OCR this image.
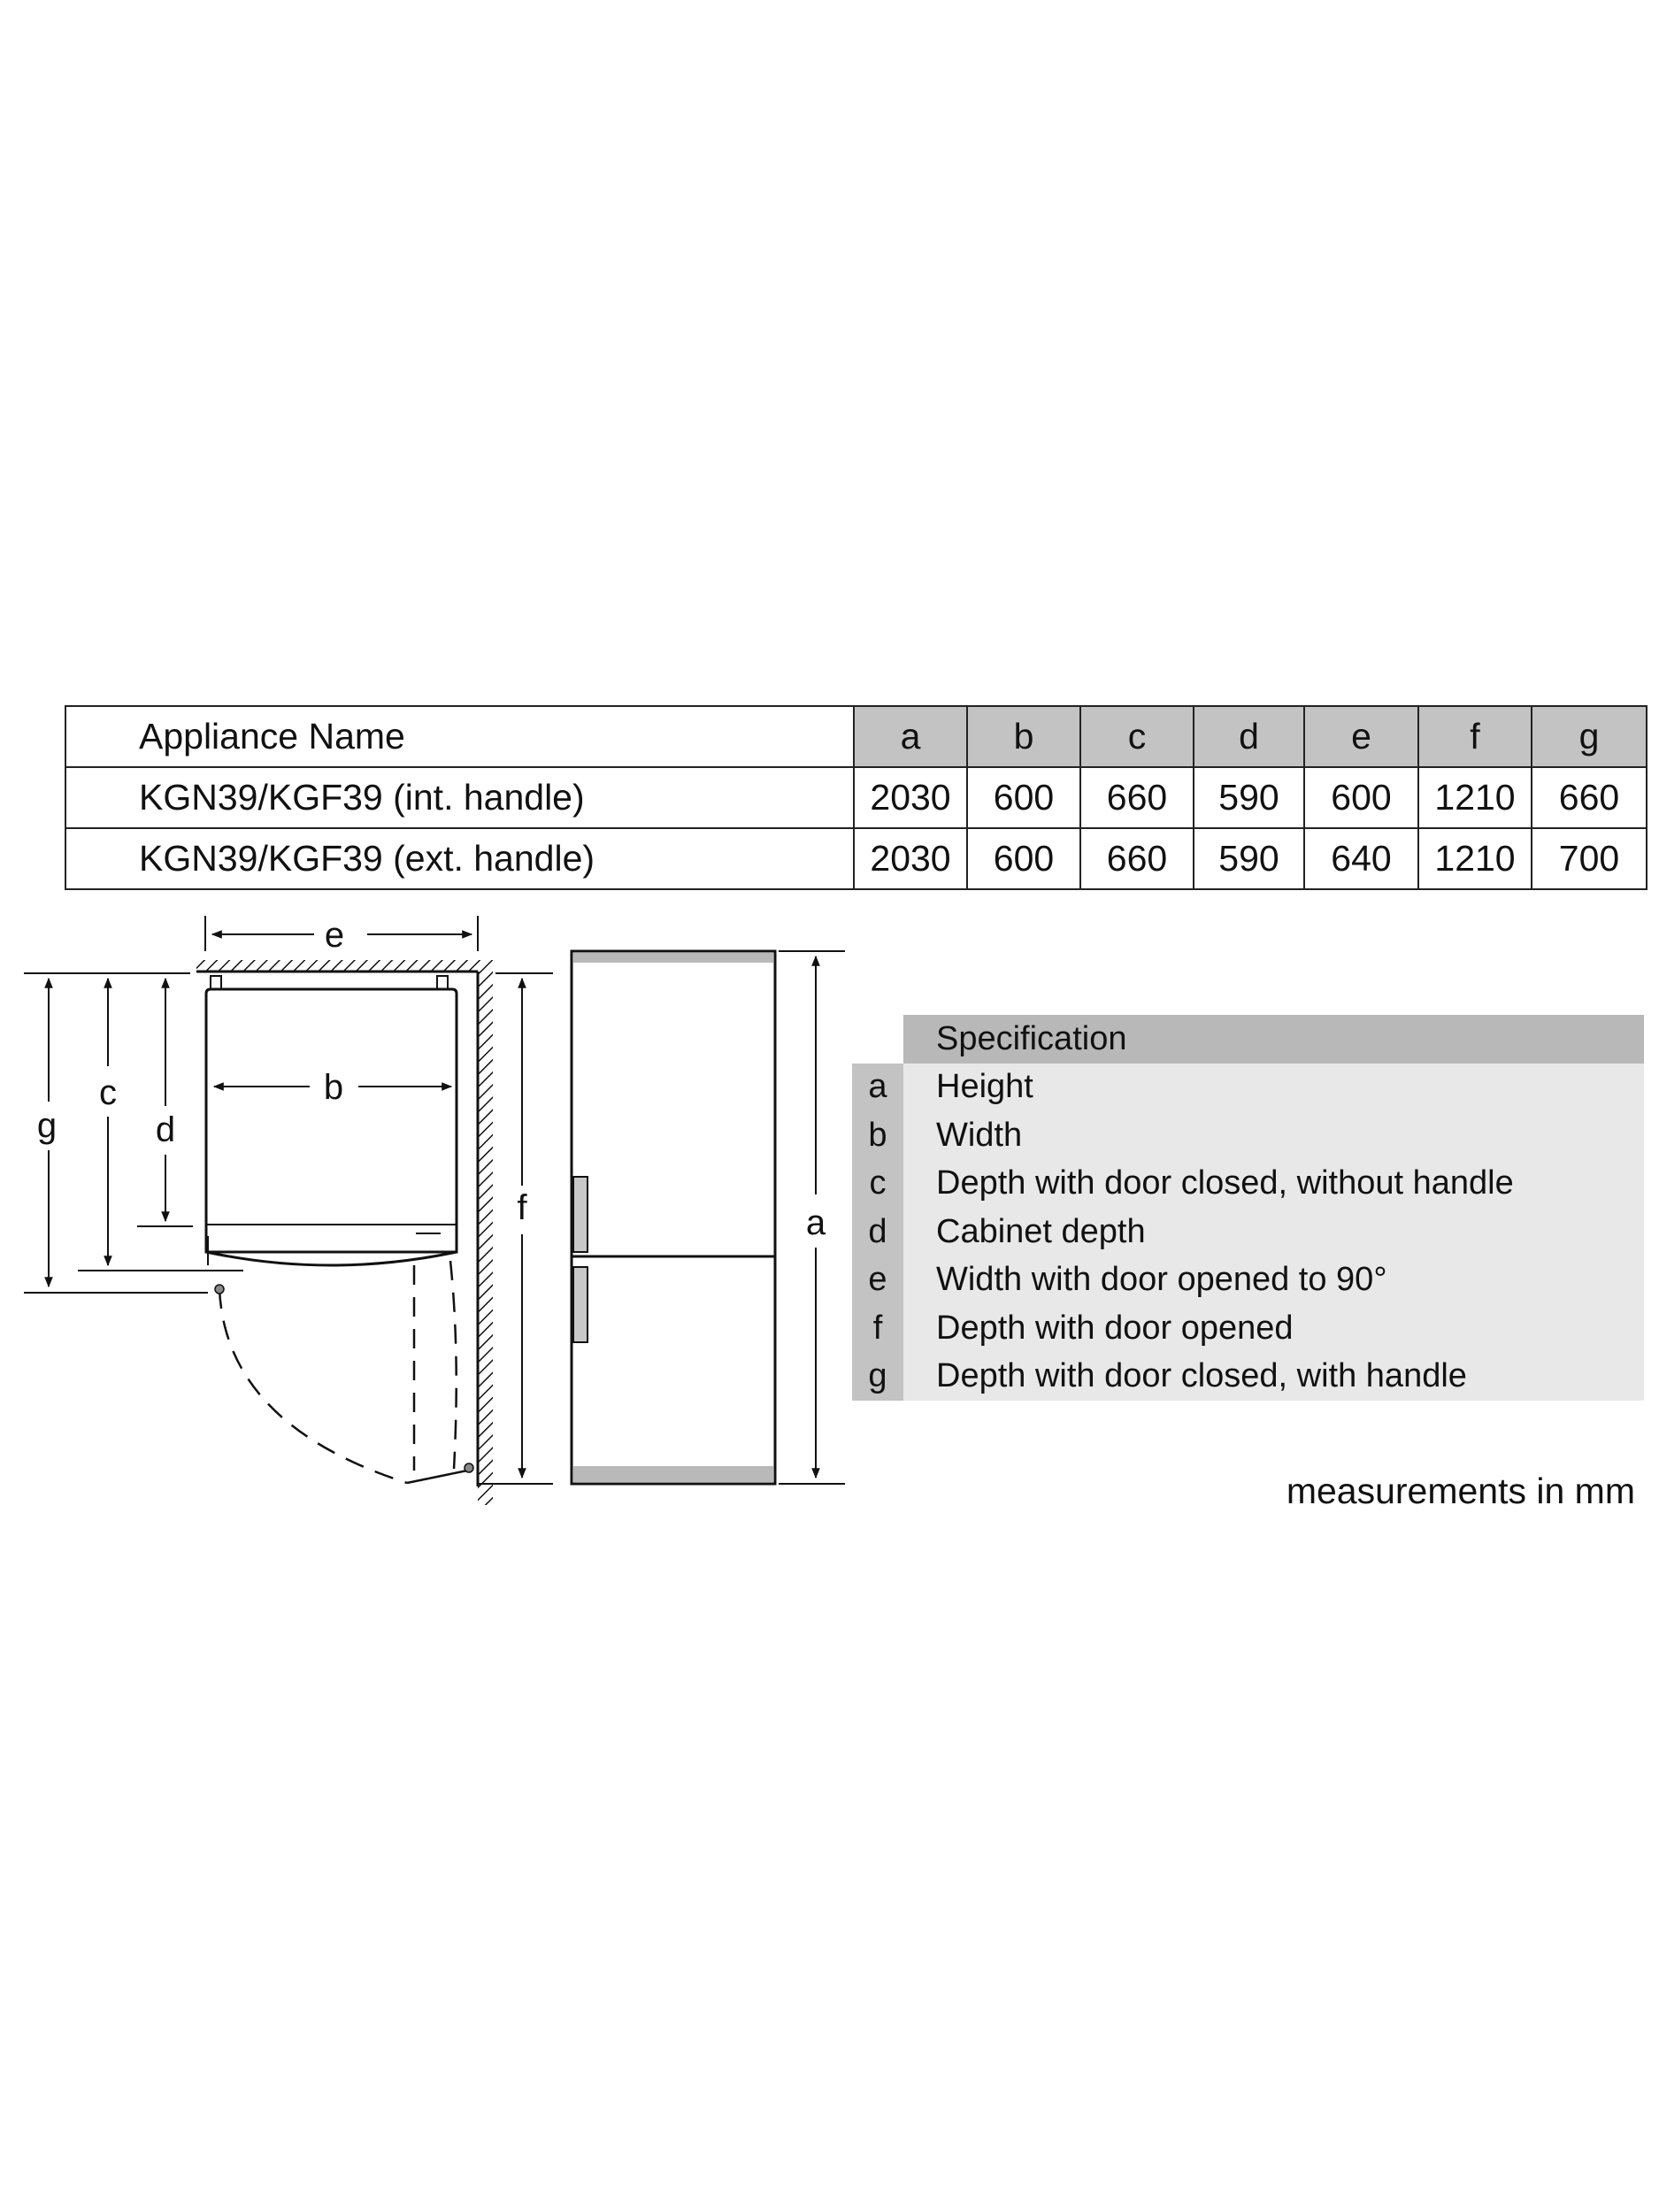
Appliance Name	a	b	c	d	e	f	g
KGN39/KGF39 (int. handle)	2030	600	660	590	600	1210	660
KGN39/KGF39 (ext. handle)	2030	600	660	590	640	1210	700
e
b
g
c
d
f	a
Specification
a	Height
b	Width
c	Depth with door closed, without handle
d	Cabinet depth
e	Width with door opened to 90°
f	Depth with door opened
g	Depth with door closed, with handle
measurements in mm
